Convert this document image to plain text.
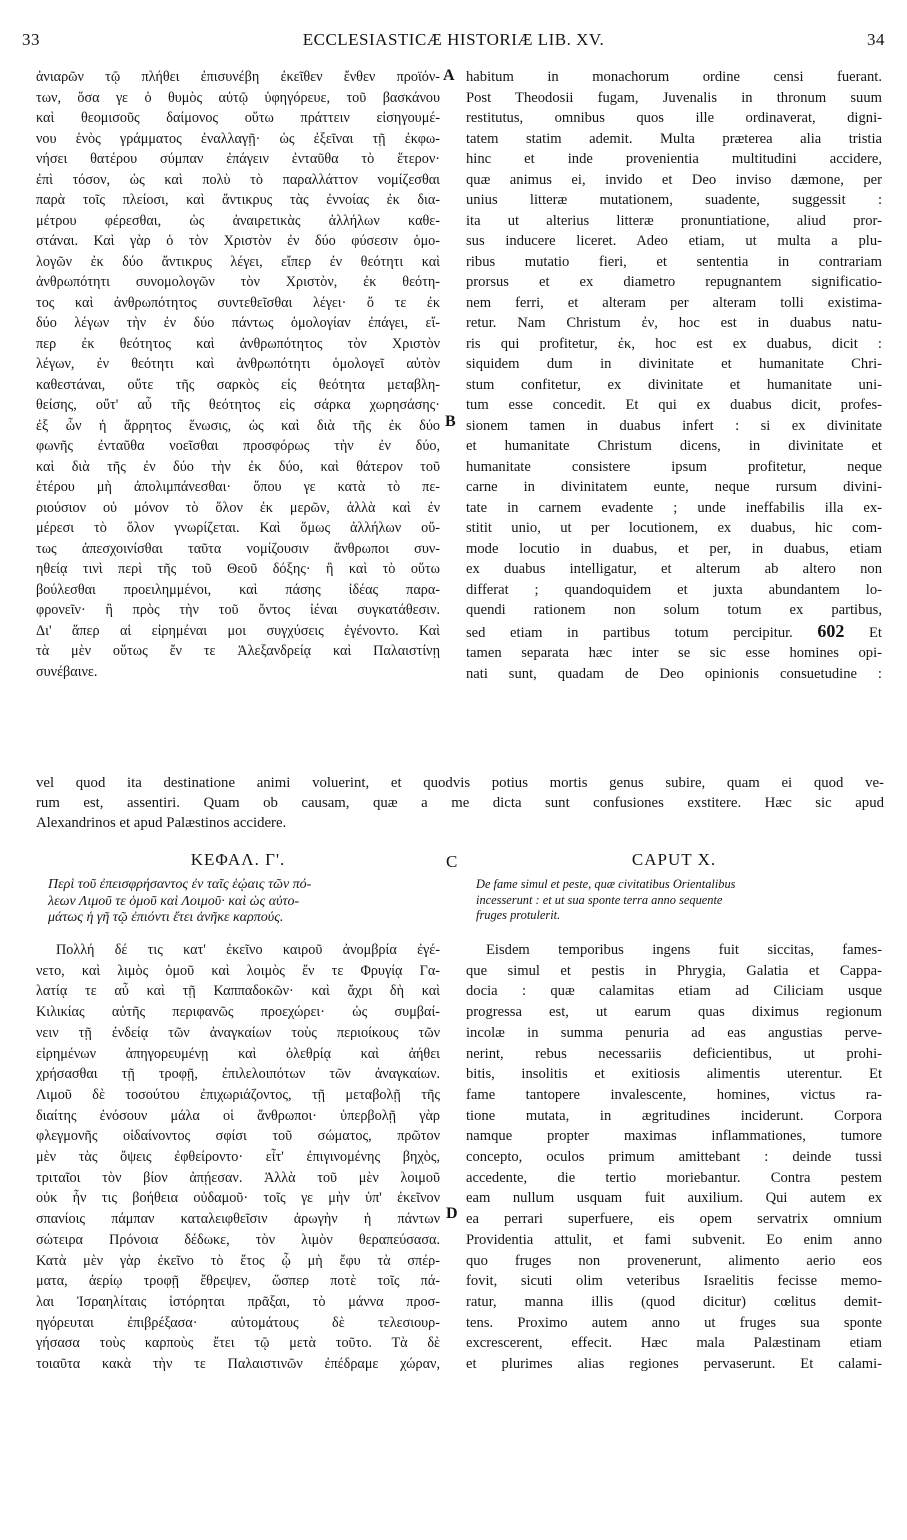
33	ECCLESIASTICÆ HISTORIÆ LIB. XV.	34
A
B
C
D
ἀνιαρῶν τῷ πλήθει ἐπισυνέβη ἐκεῖθεν ἔνθεν προϊόν-
των, ὅσα γε ὁ θυμὸς αὐτῷ ὑφηγόρευε, τοῦ βασκάνου
καὶ θεομισοῦς δαίμονος οὕτω πράττειν εἰσηγουμέ-
νου ἑνὸς γράμματος ἐναλλαγῇ· ὡς ἐξεῖναι τῇ ἐκφω-
νήσει θατέρου σύμπαν ἐπάγειν ἐνταῦθα τὸ ἕτερον·
ἐπὶ τόσον, ὡς καὶ πολὺ τὸ παραλλάττον νομίζεσθαι
παρὰ τοῖς πλείοσι, καὶ ἄντικρυς τὰς ἐννοίας ἐκ δια-
μέτρου φέρεσθαι, ὡς ἀναιρετικὰς ἀλλήλων καθε-
στάναι. Καὶ γὰρ ὁ τὸν Χριστὸν ἐν δύο φύσεσιν ὁμο-
λογῶν ἐκ δύο ἄντικρυς λέγει, εἴπερ ἐν θεότητι καὶ
ἀνθρωπότητι συνομολογῶν τὸν Χριστὸν, ἐκ θεότη-
τος καὶ ἀνθρωπότητος συντεθεῖσθαι λέγει· ὅ τε ἐκ
δύο λέγων τὴν ἐν δύο πάντως ὁμολογίαν ἐπάγει, εἴ-
περ ἐκ θεότητος καὶ ἀνθρωπότητος τὸν Χριστὸν
λέγων, ἐν θεότητι καὶ ἀνθρωπότητι ὁμολογεῖ αὐτὸν
καθεστάναι, οὔτε τῆς σαρκὸς εἰς θεότητα μεταβλη-
θείσης, οὔτ' αὖ τῆς θεότητος εἰς σάρκα χωρησάσης·
ἐξ ὧν ἡ ἄρρητος ἕνωσις, ὡς καὶ διὰ τῆς ἐκ δύο
φωνῆς ἐνταῦθα νοεῖσθαι προσφόρως τὴν ἐν δύο,
καὶ διὰ τῆς ἐν δύο τὴν ἐκ δύο, καὶ θάτερον τοῦ
ἑτέρου μὴ ἀπολιμπάνεσθαι· ὅπου γε κατὰ τὸ πε-
ριούσιον οὐ μόνον τὸ ὅλον ἐκ μερῶν, ἀλλὰ καὶ ἐν
μέρεσι τὸ ὅλον γνωρίζεται. Καὶ ὅμως ἀλλήλων οὕ-
τως ἀπεσχοινίσθαι ταῦτα νομίζουσιν ἄνθρωποι συν-
ηθείᾳ τινὶ περὶ τῆς τοῦ Θεοῦ δόξης· ἢ καὶ τὸ οὕτω
βούλεσθαι προειλημμένοι, καὶ πάσης ἰδέας παρα-
φρονεῖν· ἢ πρὸς τὴν τοῦ ὄντος ἰέναι συγκατάθεσιν.
Δι' ἅπερ αἱ εἰρημέναι μοι συγχύσεις ἐγένοντο. Καὶ
τὰ μὲν οὕτως ἔν τε Ἀλεξανδρείᾳ καὶ Παλαιστίνῃ
συνέβαινε.
habitum in monachorum ordine censi fuerant.
Post Theodosii fugam, Juvenalis in thronum suum
restitutus, omnibus quos ille ordinaverat, digni-
tatem statim ademit. Multa præterea alia tristia
hinc et inde provenientia multitudini accidere,
quæ animus ei, invido et Deo inviso dæmone, per
unius litteræ mutationem, suadente, suggessit :
ita ut alterius litteræ pronuntiatione, aliud pror-
sus inducere liceret. Adeo etiam, ut multa a plu-
ribus mutatio fieri, et sententia in contrariam
prorsus et ex diametro repugnantem significatio-
nem ferri, et alteram per alteram tolli existima-
retur. Nam Christum ἐν, hoc est in duabus natu-
ris qui profitetur, ἐκ, hoc est ex duabus, dicit :
siquidem dum in divinitate et humanitate Chri-
stum confitetur, ex divinitate et humanitate uni-
tum esse concedit. Et qui ex duabus dicit, profes-
sionem tamen in duabus infert : si ex divinitate
et humanitate Christum dicens, in divinitate et
humanitate consistere ipsum profitetur, neque
carne in divinitatem eunte, neque rursum divini-
tate in carnem evadente ; unde ineffabilis illa ex-
stitit unio, ut per locutionem, ex duabus, hic com-
mode locutio in duabus, et per, in duabus, etiam
ex duabus intelligatur, et alterum ab altero non
differat ; quandoquidem et juxta abundantem lo-
quendi rationem non solum totum ex partibus,
sed etiam in partibus totum percipitur. 602 Et
tamen separata hæc inter se sic esse homines opi-
nati sunt, quadam de Deo opinionis consuetudine :
vel quod ita destinatione animi voluerint, et quodvis potius mortis genus subire, quam ei quod ve-
rum est, assentiri. Quam ob causam, quæ a me dicta sunt confusiones exstitere. Hæc sic apud
Alexandrinos et apud Palæstinos accidere.
ΚΕΦΑΛ. Γ'.	CAPUT X.
Περὶ τοῦ ἐπεισφρήσαντος ἐν ταῖς ἑῴαις τῶν πό-
λεων Λιμοῦ τε ὁμοῦ καὶ Λοιμοῦ· καὶ ὡς αὐτο-
μάτως ἡ γῆ τῷ ἐπιόντι ἔτει ἀνῆκε καρπούς.
De fame simul et peste, quæ civitatibus Orientalibus
incesserunt : et ut sua sponte terra anno sequente
fruges protulerit.
Πολλή δέ τις κατ' ἐκεῖνο καιροῦ ἀνομβρία ἐγέ-
νετο, καὶ λιμὸς ὁμοῦ καὶ λοιμὸς ἔν τε Φρυγίᾳ Γα-
λατίᾳ τε αὖ καὶ τῇ Καππαδοκῶν· καὶ ἄχρι δὴ καὶ
Κιλικίας αὐτῆς περιφανῶς προεχώρει· ὡς συμβαί-
νειν τῇ ἐνδείᾳ τῶν ἀναγκαίων τοὺς περιοίκους τῶν
εἰρημένων ἀπηγορευμένῃ καὶ ὀλεθρίᾳ καὶ ἀήθει
χρήσασθαι τῇ τροφῇ, ἐπιλελοιπότων τῶν ἀναγκαίων.
Λιμοῦ δὲ τοσούτου ἐπιχωριάζοντος, τῇ μεταβολῇ τῆς
διαίτης ἐνόσουν μάλα οἱ ἄνθρωποι· ὑπερβολῇ γὰρ
φλεγμονῆς οἰδαίνοντος σφίσι τοῦ σώματος, πρῶτον
μὲν τὰς ὄψεις ἐφθείροντο· εἶτ' ἐπιγινομένης βηχὸς,
τριταῖοι τὸν βίον ἀπῄεσαν. Ἀλλὰ τοῦ μὲν λοιμοῦ
οὐκ ἦν τις βοήθεια οὐδαμοῦ· τοῖς γε μὴν ὑπ' ἐκεῖνον
σπανίοις πάμπαν καταλειφθεῖσιν ἀρωγὴν ἡ πάντων
σώτειρα Πρόνοια δέδωκε, τὸν λιμὸν θεραπεύσασα.
Κατὰ μὲν γὰρ ἐκεῖνο τὸ ἔτος ᾧ μὴ ἔφυ τὰ σπέρ-
ματα, ἀερίῳ τροφῇ ἔθρεψεν, ὥσπερ ποτὲ τοῖς πά-
λαι Ἰσραηλίταις ἱστόρηται πρᾶξαι, τὸ μάννα προσ-
ηγόρευται ἐπιβρέξασα· αὐτομάτους δὲ τελεσιουρ-
γήσασα τοὺς καρποὺς ἔτει τῷ μετὰ τοῦτο. Τὰ δὲ
τοιαῦτα κακὰ τὴν τε Παλαιστινῶν ἐπέδραμε χώραν,
Eisdem temporibus ingens fuit siccitas, fames-
que simul et pestis in Phrygia, Galatia et Cappa-
docia : quæ calamitas etiam ad Ciliciam usque
progressa est, ut earum quas diximus regionum
incolæ in summa penuria ad eas angustias perve-
nerint, rebus necessariis deficientibus, ut prohi-
bitis, insolitis et exitiosis alimentis uterentur. Et
fame tantopere invalescente, homines, victus ra-
tione mutata, in ægritudines inciderunt. Corpora
namque propter maximas inflammationes, tumore
concepto, oculos primum amittebant : deinde tussi
accedente, die tertio moriebantur. Contra pestem
eam nullum usquam fuit auxilium. Qui autem ex
ea perrari superfuere, eis opem servatrix omnium
Providentia attulit, et fami subvenit. Eo enim anno
quo fruges non provenerunt, alimento aerio eos
fovit, sicuti olim veteribus Israelitis fecisse memo-
ratur, manna illis (quod dicitur) cœlitus demit-
tens. Proximo autem anno ut fruges sua sponte
excrescerent, effecit. Hæc mala Palæstinam etiam
et plurimes alias regiones pervaserunt. Et calami-
